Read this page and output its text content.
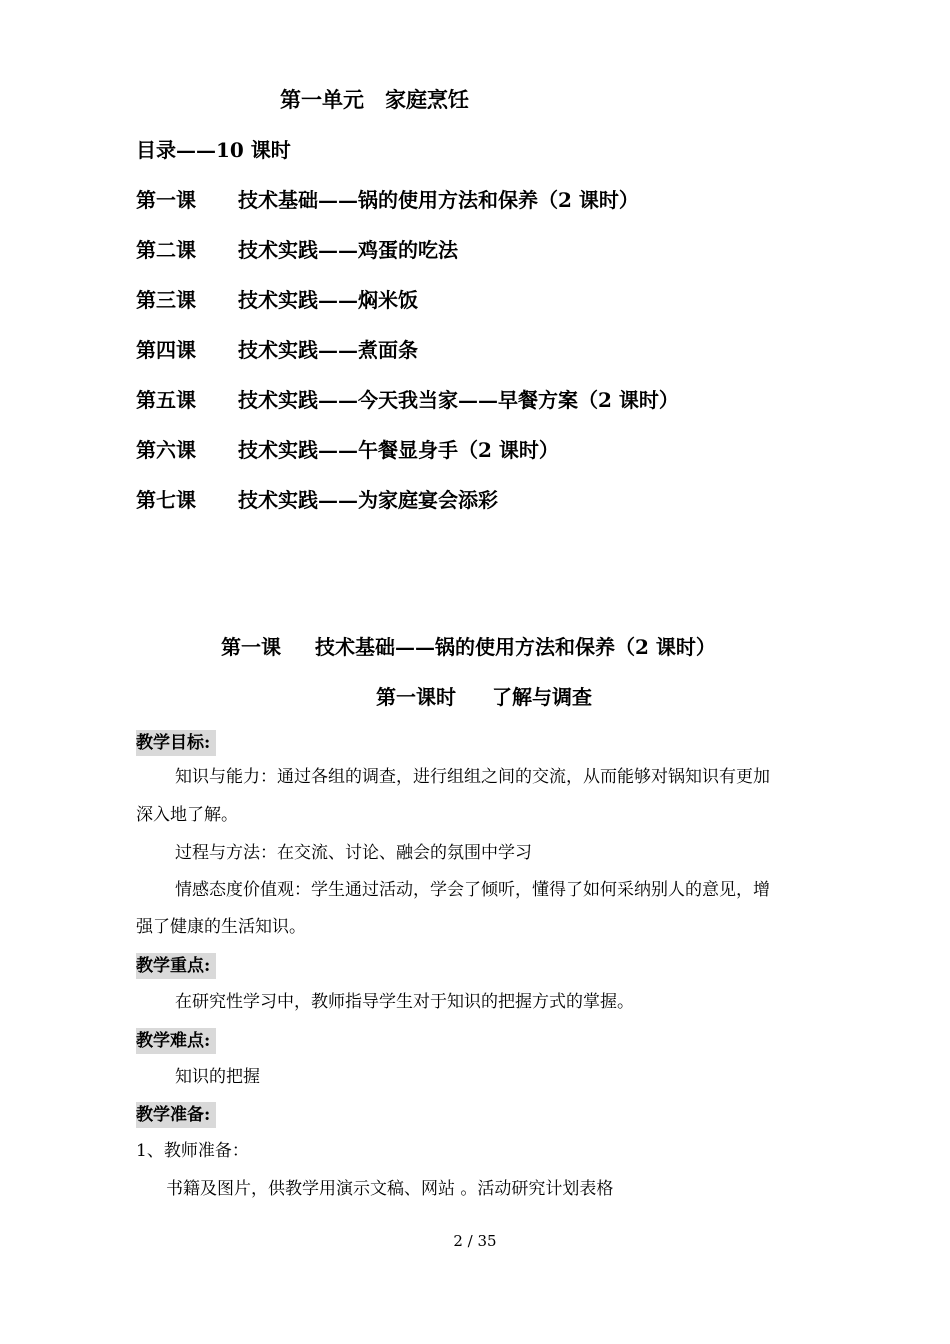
第一单元　家庭烹饪
目录——10 课时
第一课 技术基础——锅的使用方法和保养（2 课时）
第二课 技术实践——鸡蛋的吃法
第三课 技术实践——焖米饭
第四课 技术实践——煮面条
第五课 技术实践——今天我当家——早餐方案（2 课时）
第六课 技术实践——午餐显身手（2 课时）
第七课 技术实践——为家庭宴会添彩
第一课 技术基础——锅的使用方法和保养（2 课时）
第一课时 了解与调查
教学目标:
知识与能力：通过各组的调查，进行组组之间的交流，从而能够对锅知识有更加
深入地了解。
过程与方法：在交流、讨论、融会的氛围中学习
情感态度价值观：学生通过活动，学会了倾听，懂得了如何采纳别人的意见，增
强了健康的生活知识。
教学重点:
在研究性学习中，教师指导学生对于知识的把握方式的掌握。
教学难点:
知识的把握
教学准备:
1、教师准备：
书籍及图片，供教学用演示文稿、网站 。活动研究计划表格
2 / 35
